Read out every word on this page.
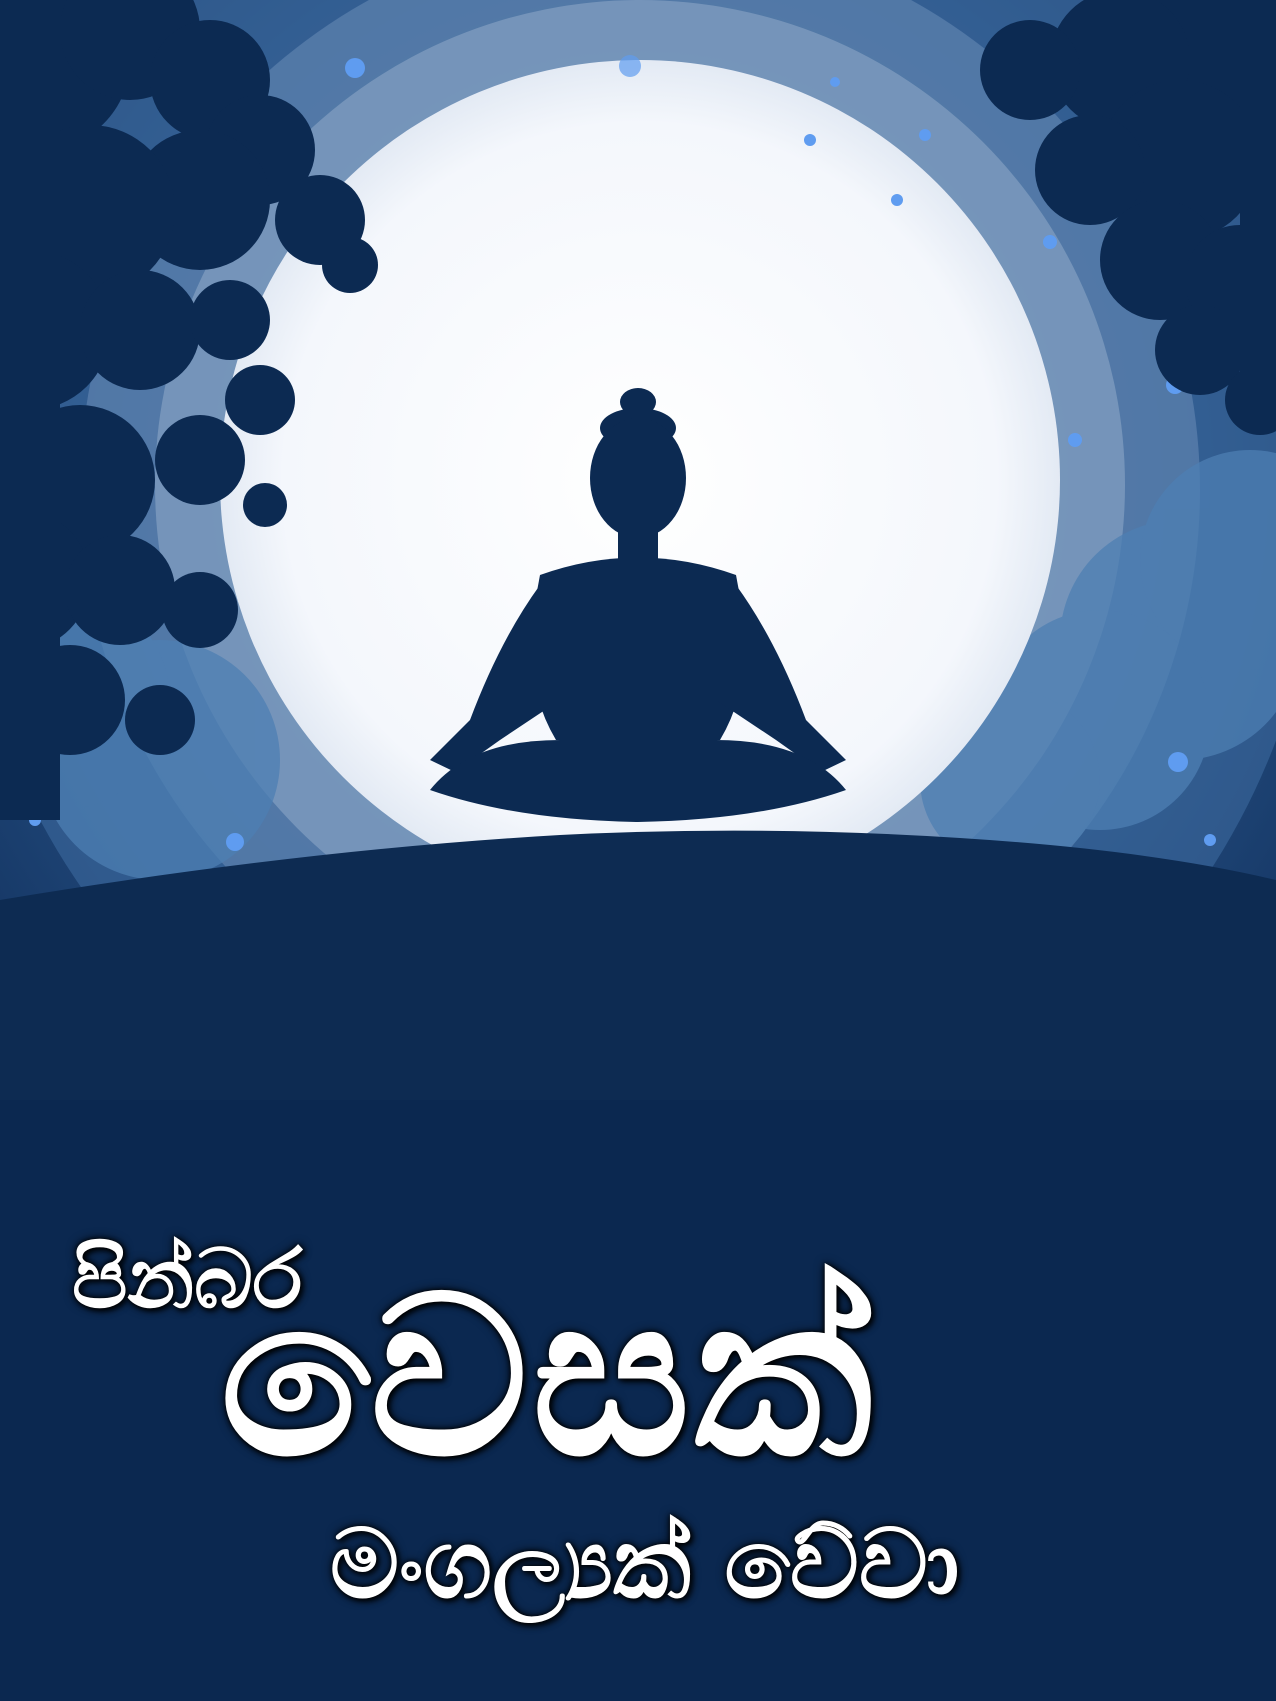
පින්බර
වෙසක්
මංගල්‍යක් වේවා
